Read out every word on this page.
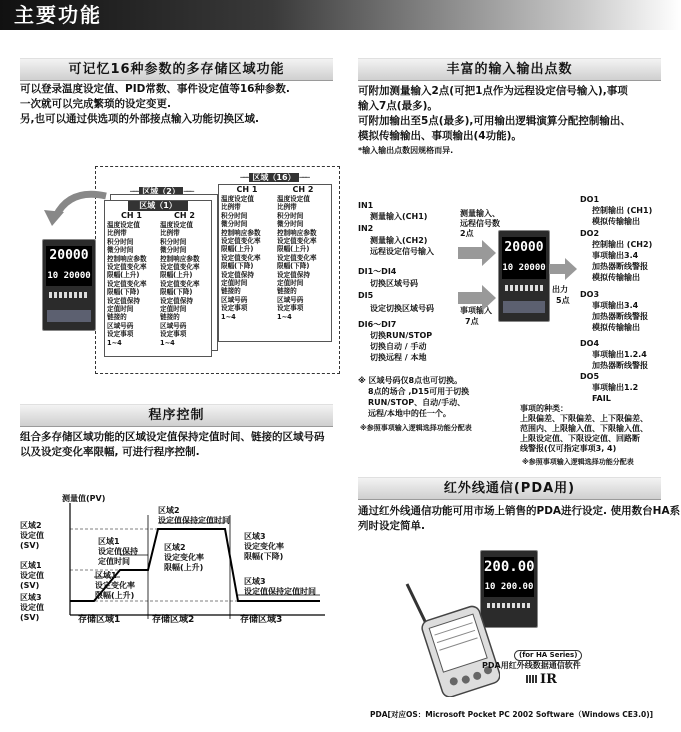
主要功能
可记忆16种参数的多存储区域功能
可以登录温度设定值、PID常数、事件设定值等16种参数.
一次就可以完成繁琐的设定变更.
另,也可以通过供选项的外部接点输入功能切换区域.
20000
10 20000
─── 区域（2） ───
─── 区域（16） ───
CH 1	CH 2
温度设定值	温度设定值
比例带	比例带
积分时间	积分时间
微分时间	微分时间
控制响应参数	控制响应参数
设定值变化率	设定值变化率
限幅(上升)	限幅(上升)
设定值变化率	设定值变化率
限幅(下降)	限幅(下降)
设定值保持	设定值保持
定值时间	定值时间
链接的	链接的
区域号码	区域号码
设定事项	设定事项
1~4	1~4

区域（1）
CH 1	CH 2
温度设定值	温度设定值
比例带	比例带
积分时间	积分时间
微分时间	微分时间
控制响应参数	控制响应参数
设定值变化率	设定值变化率
限幅(上升)	限幅(上升)
设定值变化率	设定值变化率
限幅(下降)	限幅(下降)
设定值保持	设定值保持
定值时间	定值时间
链接的	链接的
区域号码	区域号码
设定事项	设定事项
1~4	1~4
丰富的输入输出点数
可附加测量输入2点(可把1点作为远程设定信号输入),事项
输入7点(最多)。
可附加输出至5点(最多),可用输出逻辑演算分配控制输出、
模拟传输输出、事项输出(4功能)。
*输入输出点数因规格而异.
IN1
测量输入(CH1)
IN2
测量输入(CH2)
远程设定信号输入
DI1～DI4
切换区域号码
DI5
设定切换区域号码
DI6～DI7
切换RUN/STOP
切换自动 / 手动
切换远程 / 本地
测量输入、
远程信号数
2点
事项输入
7点
20000
10 20000
出力
5点
DO1
控制输出 (CH1)
模拟传输输出
DO2
控制输出 (CH2)
事项输出3.4
加热器断线警报
模拟传输输出
DO3
事项输出3.4
加热器断线警报
模拟传输输出
DO4
事项输出1.2.4
加热器断线警报
DO5
事项输出1.2
FAIL
※ 区域号码仅8点也可切换。
8点的场合 ,D15可用于切换
RUN/STOP、自动/手动、
远程/本地中的任一个。
※参照事项输入逻辑选择功能分配表
事项的种类：
上限偏差、下限偏差、上下限偏差、
范围内、上限输入值、下限输入值、
上限设定值、下限设定值、回路断
线警报(仅可指定事项3, 4)
※参照事项输入逻辑选择功能分配表
程序控制
组合多存储区域功能的区域设定值保持定值时间、链接的区域号码
以及设定变化率限幅, 可进行程序控制.
测量值(PV)
区域2
设定值
(SV)
区域1
设定值
(SV)
区域3
设定值
(SV)
区域2
设定值保持定值时间
区域1
设定值保持
定值时间
区域3
设定变化率
限幅(下降)
区域2
设定变化率
限幅(上升)
区域1
设定变化率
限幅(上升)
区域3
设定值保持定值时间
存储区域1	存储区域2	存储区域3
红外线通信(PDA用)
通过红外线通信功能可用市场上销售的PDA进行设定. 使用数台HA系
列时设定简单.
200.00
10 200.00
(for HA Series)
PDA用红外线数据通信软件
IR
PDA[对应OS：Microsoft Pocket PC 2002 Software（Windows CE3.0)]
